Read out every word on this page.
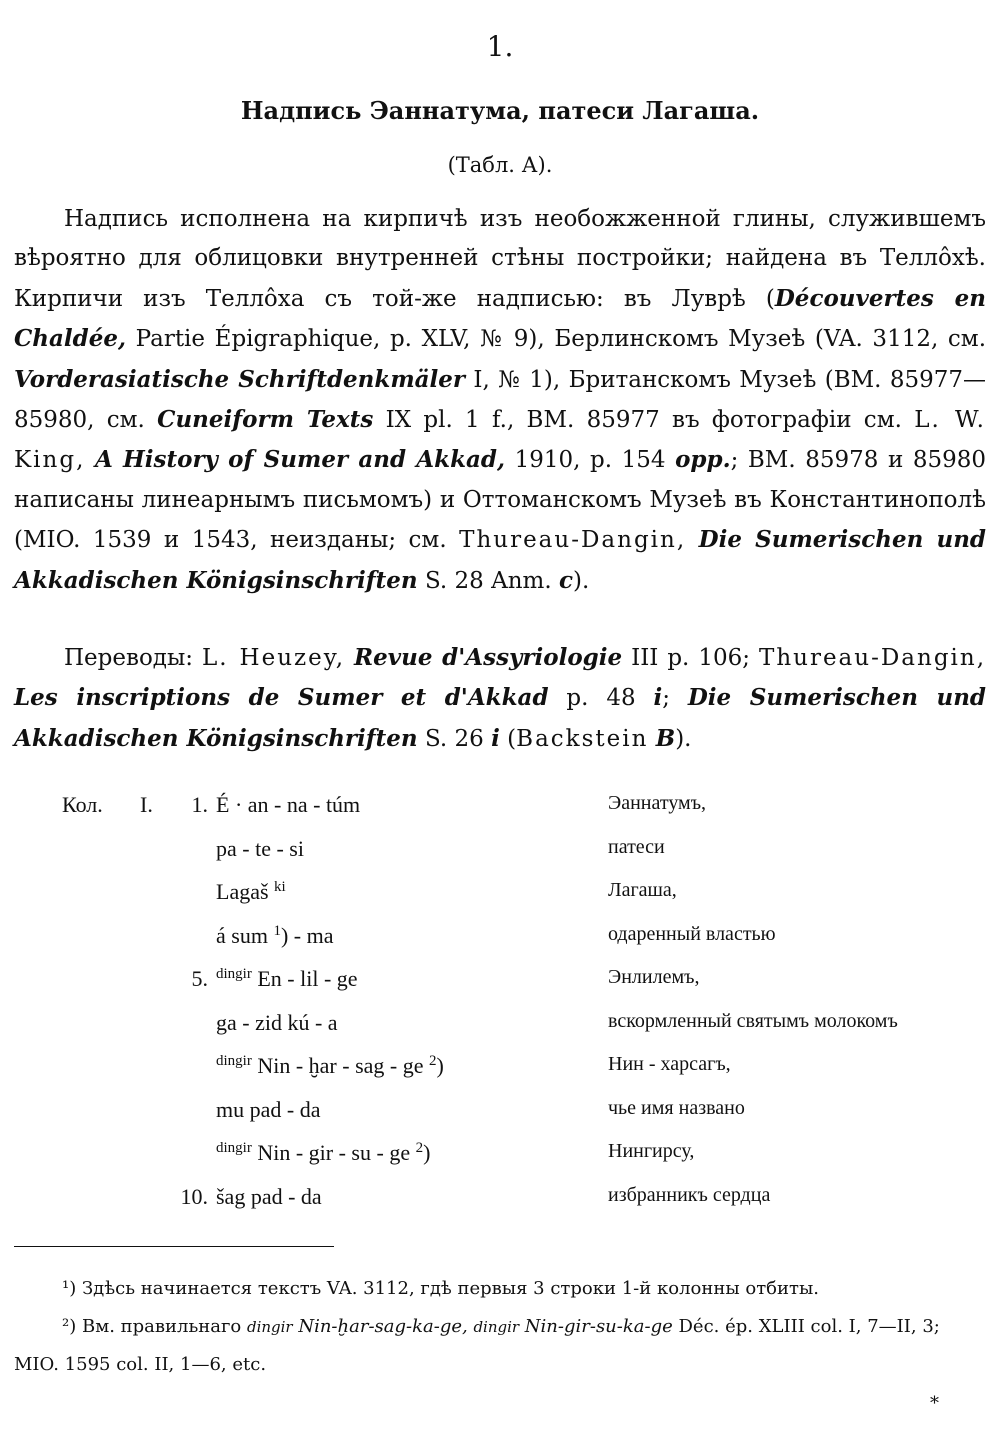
1.
Надпись Эаннатума, патеси Лагаша.
(Табл. А).

Надпись исполнена на кирпичѣ изъ необожженной глины, служившемъ вѣроятно для облицовки внутренней стѣны постройки; найдена въ Теллôхѣ. Кирпичи изъ Теллôха съ той-же надписью: въ Луврѣ (Découvertes en Chaldée, Partie Épigraphique, p. XLV, № 9), Берлинскомъ Музеѣ (VA. 3112, см. Vorderasiatische Schriftdenkmäler I, № 1), Британскомъ Музеѣ (BM. 85977—85980, см. Cuneiform Texts IX pl. 1 f., BM. 85977 въ фотографіи см. L. W. King, A History of Sumer and Akkad, 1910, p. 154 opp.; BM. 85978 и 85980 написаны линеарнымъ письмомъ) и Оттоманскомъ Музеѣ въ Константинополѣ (MIO. 1539 и 1543, неизданы; см. Thureau-Dangin, Die Sumerischen und Akkadischen Königsinschriften S. 28 Anm. c).

Переводы: L. Heuzey, Revue d'Assyriologie III p. 106; Thureau-Dangin, Les inscriptions de Sumer et d'Akkad p. 48 i; Die Sumerischen und Akkadischen Königsinschriften S. 26 i (Backstein B).

Кол. I.	1. É · an - na - túm	Эаннатумъ,
pa - te - si	патеси
Lagaš $^{ki}$	Лагаша,
á sum $^1$) - ma	одаренный властью
5. $^{dingir}$ En - lil - ge	Энлилемъ,
ga - zid kú - a	вскормленный святымъ молокомъ
$^{dingir}$ Nin - ḫar - sag - ge $^2$)	Нин - харсагъ,
mu pad - da	чье имя названо
$^{dingir}$ Nin - gir - su - ge $^2$)	Нингирсу,
10. šag pad - da	избранникъ сердца

¹) Здѣсь начинается текстъ VA. 3112, гдѣ первыя 3 строки 1-й колонны отбиты.

²) Вм. правильнаго dingir Nin-ḫar-sag-ka-ge, dingir Nin-gir-su-ka-ge Déc. ép. XLIII col. I, 7—II, 3; MIO. 1595 col. II, 1—6, etc.

*
